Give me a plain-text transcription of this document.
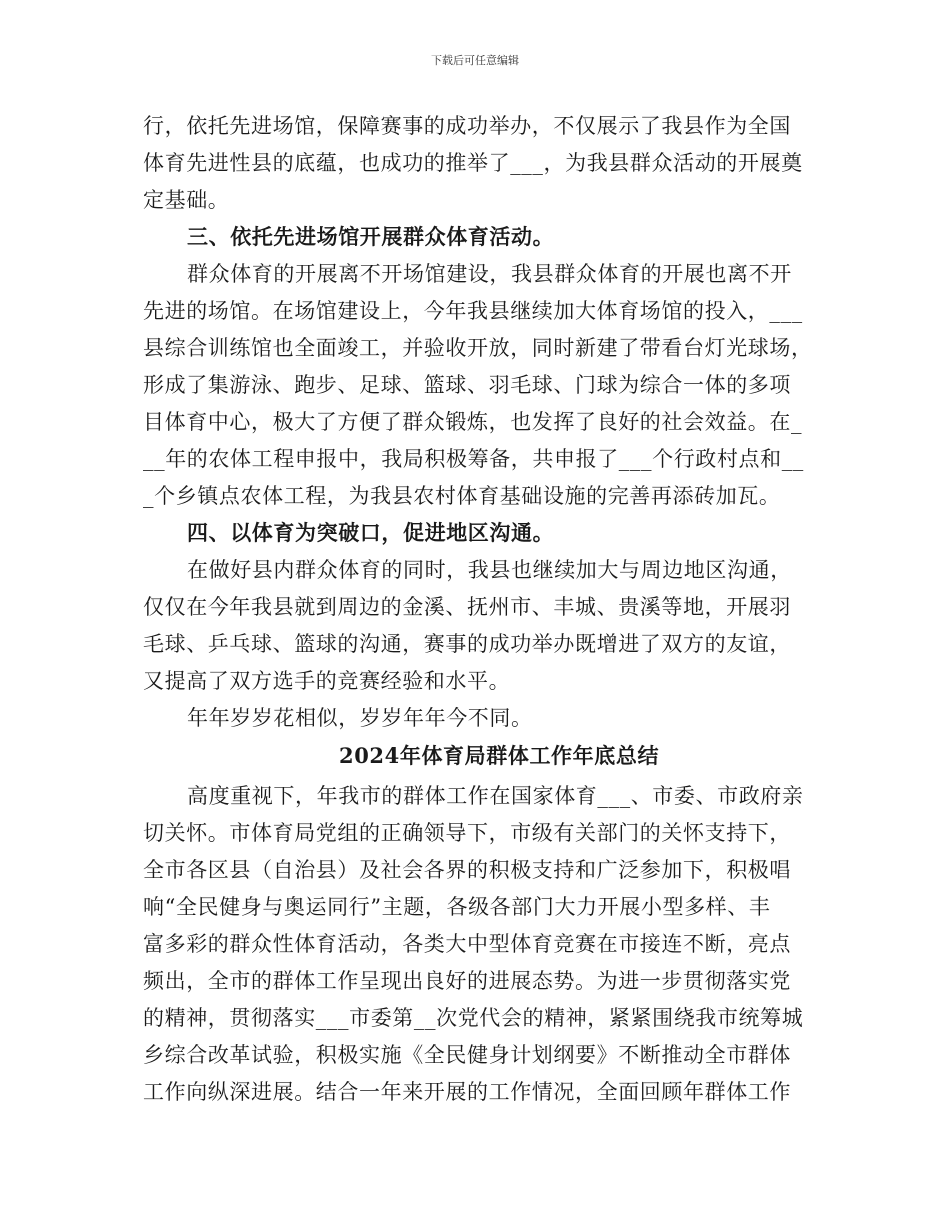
下载后可任意编辑
行，依托先进场馆，保障赛事的成功举办，不仅展示了我县作为全国
体育先进性县的底蕴，也成功的推举了___，为我县群众活动的开展奠
定基础。
三、依托先进场馆开展群众体育活动。
群众体育的开展离不开场馆建设，我县群众体育的开展也离不开
先进的场馆。在场馆建设上，今年我县继续加大体育场馆的投入，___
县综合训练馆也全面竣工，并验收开放，同时新建了带看台灯光球场，
形成了集游泳、跑步、足球、篮球、羽毛球、门球为综合一体的多项
目体育中心，极大了方便了群众锻炼，也发挥了良好的社会效益。在_
__年的农体工程申报中，我局积极筹备，共申报了___个行政村点和__
_个乡镇点农体工程，为我县农村体育基础设施的完善再添砖加瓦。
四、以体育为突破口，促进地区沟通。
在做好县内群众体育的同时，我县也继续加大与周边地区沟通，
仅仅在今年我县就到周边的金溪、抚州市、丰城、贵溪等地，开展羽
毛球、乒乓球、篮球的沟通，赛事的成功举办既增进了双方的友谊，
又提高了双方选手的竞赛经验和水平。
年年岁岁花相似，岁岁年年今不同。
2024年体育局群体工作年底总结
高度重视下，年我市的群体工作在国家体育___、市委、市政府亲
切关怀。市体育局党组的正确领导下，市级有关部门的关怀支持下，
全市各区县（自治县）及社会各界的积极支持和广泛参加下，积极唱
响“全民健身与奥运同行”主题，各级各部门大力开展小型多样、丰
富多彩的群众性体育活动，各类大中型体育竞赛在市接连不断，亮点
频出，全市的群体工作呈现出良好的进展态势。为进一步贯彻落实党
的精神，贯彻落实___市委第__次党代会的精神，紧紧围绕我市统筹城
乡综合改革试验，积极实施《全民健身计划纲要》不断推动全市群体
工作向纵深进展。结合一年来开展的工作情况，全面回顾年群体工作
